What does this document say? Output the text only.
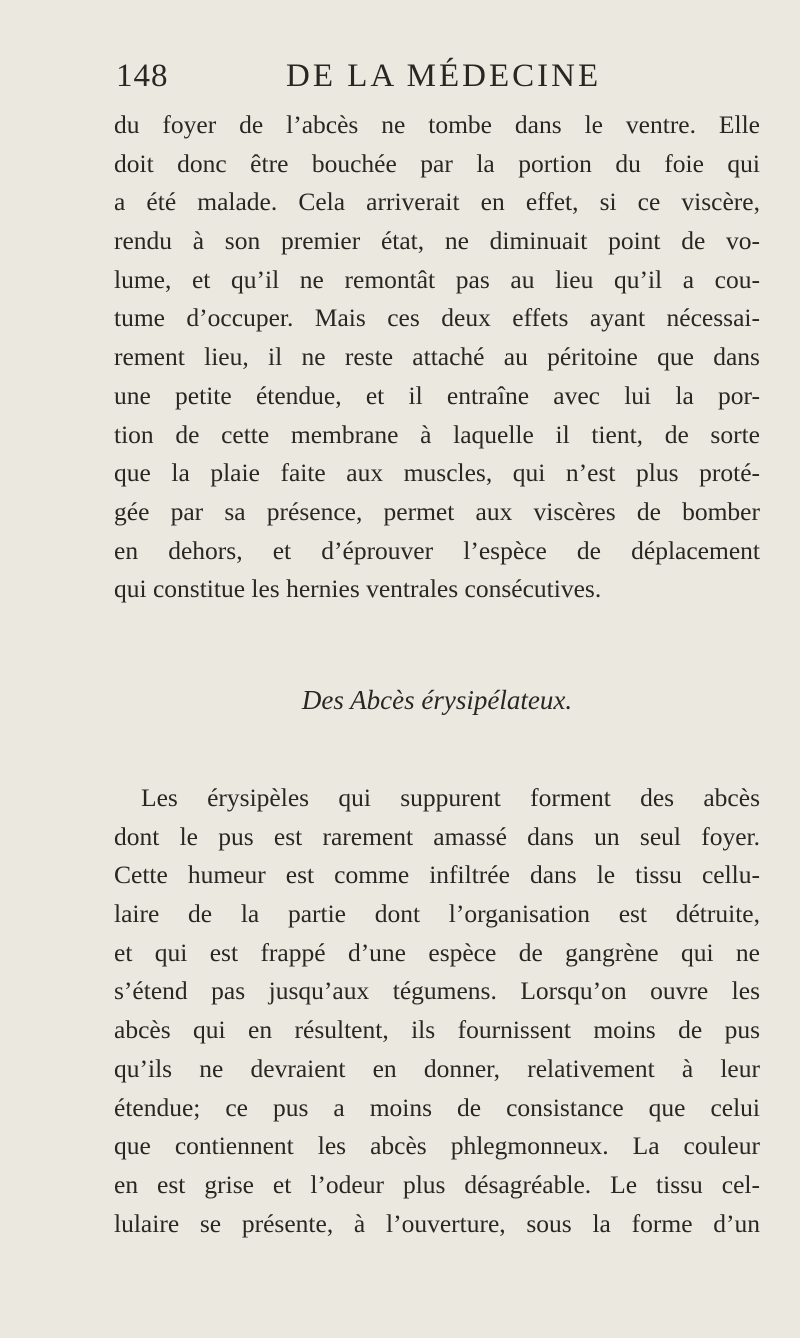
148	DE LA MÉDECINE
du foyer de l’abcès ne tombe dans le ventre. Elle
doit donc être bouchée par la portion du foie qui
a été malade. Cela arriverait en effet, si ce viscère,
rendu à son premier état, ne diminuait point de vo-
lume, et qu’il ne remontât pas au lieu qu’il a cou-
tume d’occuper. Mais ces deux effets ayant nécessai-
rement lieu, il ne reste attaché au péritoine que dans
une petite étendue, et il entraîne avec lui la por-
tion de cette membrane à laquelle il tient, de sorte
que la plaie faite aux muscles, qui n’est plus proté-
gée par sa présence, permet aux viscères de bomber
en dehors, et d’éprouver l’espèce de déplacement
qui constitue les hernies ventrales consécutives.
Des Abcès érysipélateux.
Les érysipèles qui suppurent forment des abcès
dont le pus est rarement amassé dans un seul foyer.
Cette humeur est comme infiltrée dans le tissu cellu-
laire de la partie dont l’organisation est détruite,
et qui est frappé d’une espèce de gangrène qui ne
s’étend pas jusqu’aux tégumens. Lorsqu’on ouvre les
abcès qui en résultent, ils fournissent moins de pus
qu’ils ne devraient en donner, relativement à leur
étendue; ce pus a moins de consistance que celui
que contiennent les abcès phlegmonneux. La couleur
en est grise et l’odeur plus désagréable. Le tissu cel-
lulaire se présente, à l’ouverture, sous la forme d’un
